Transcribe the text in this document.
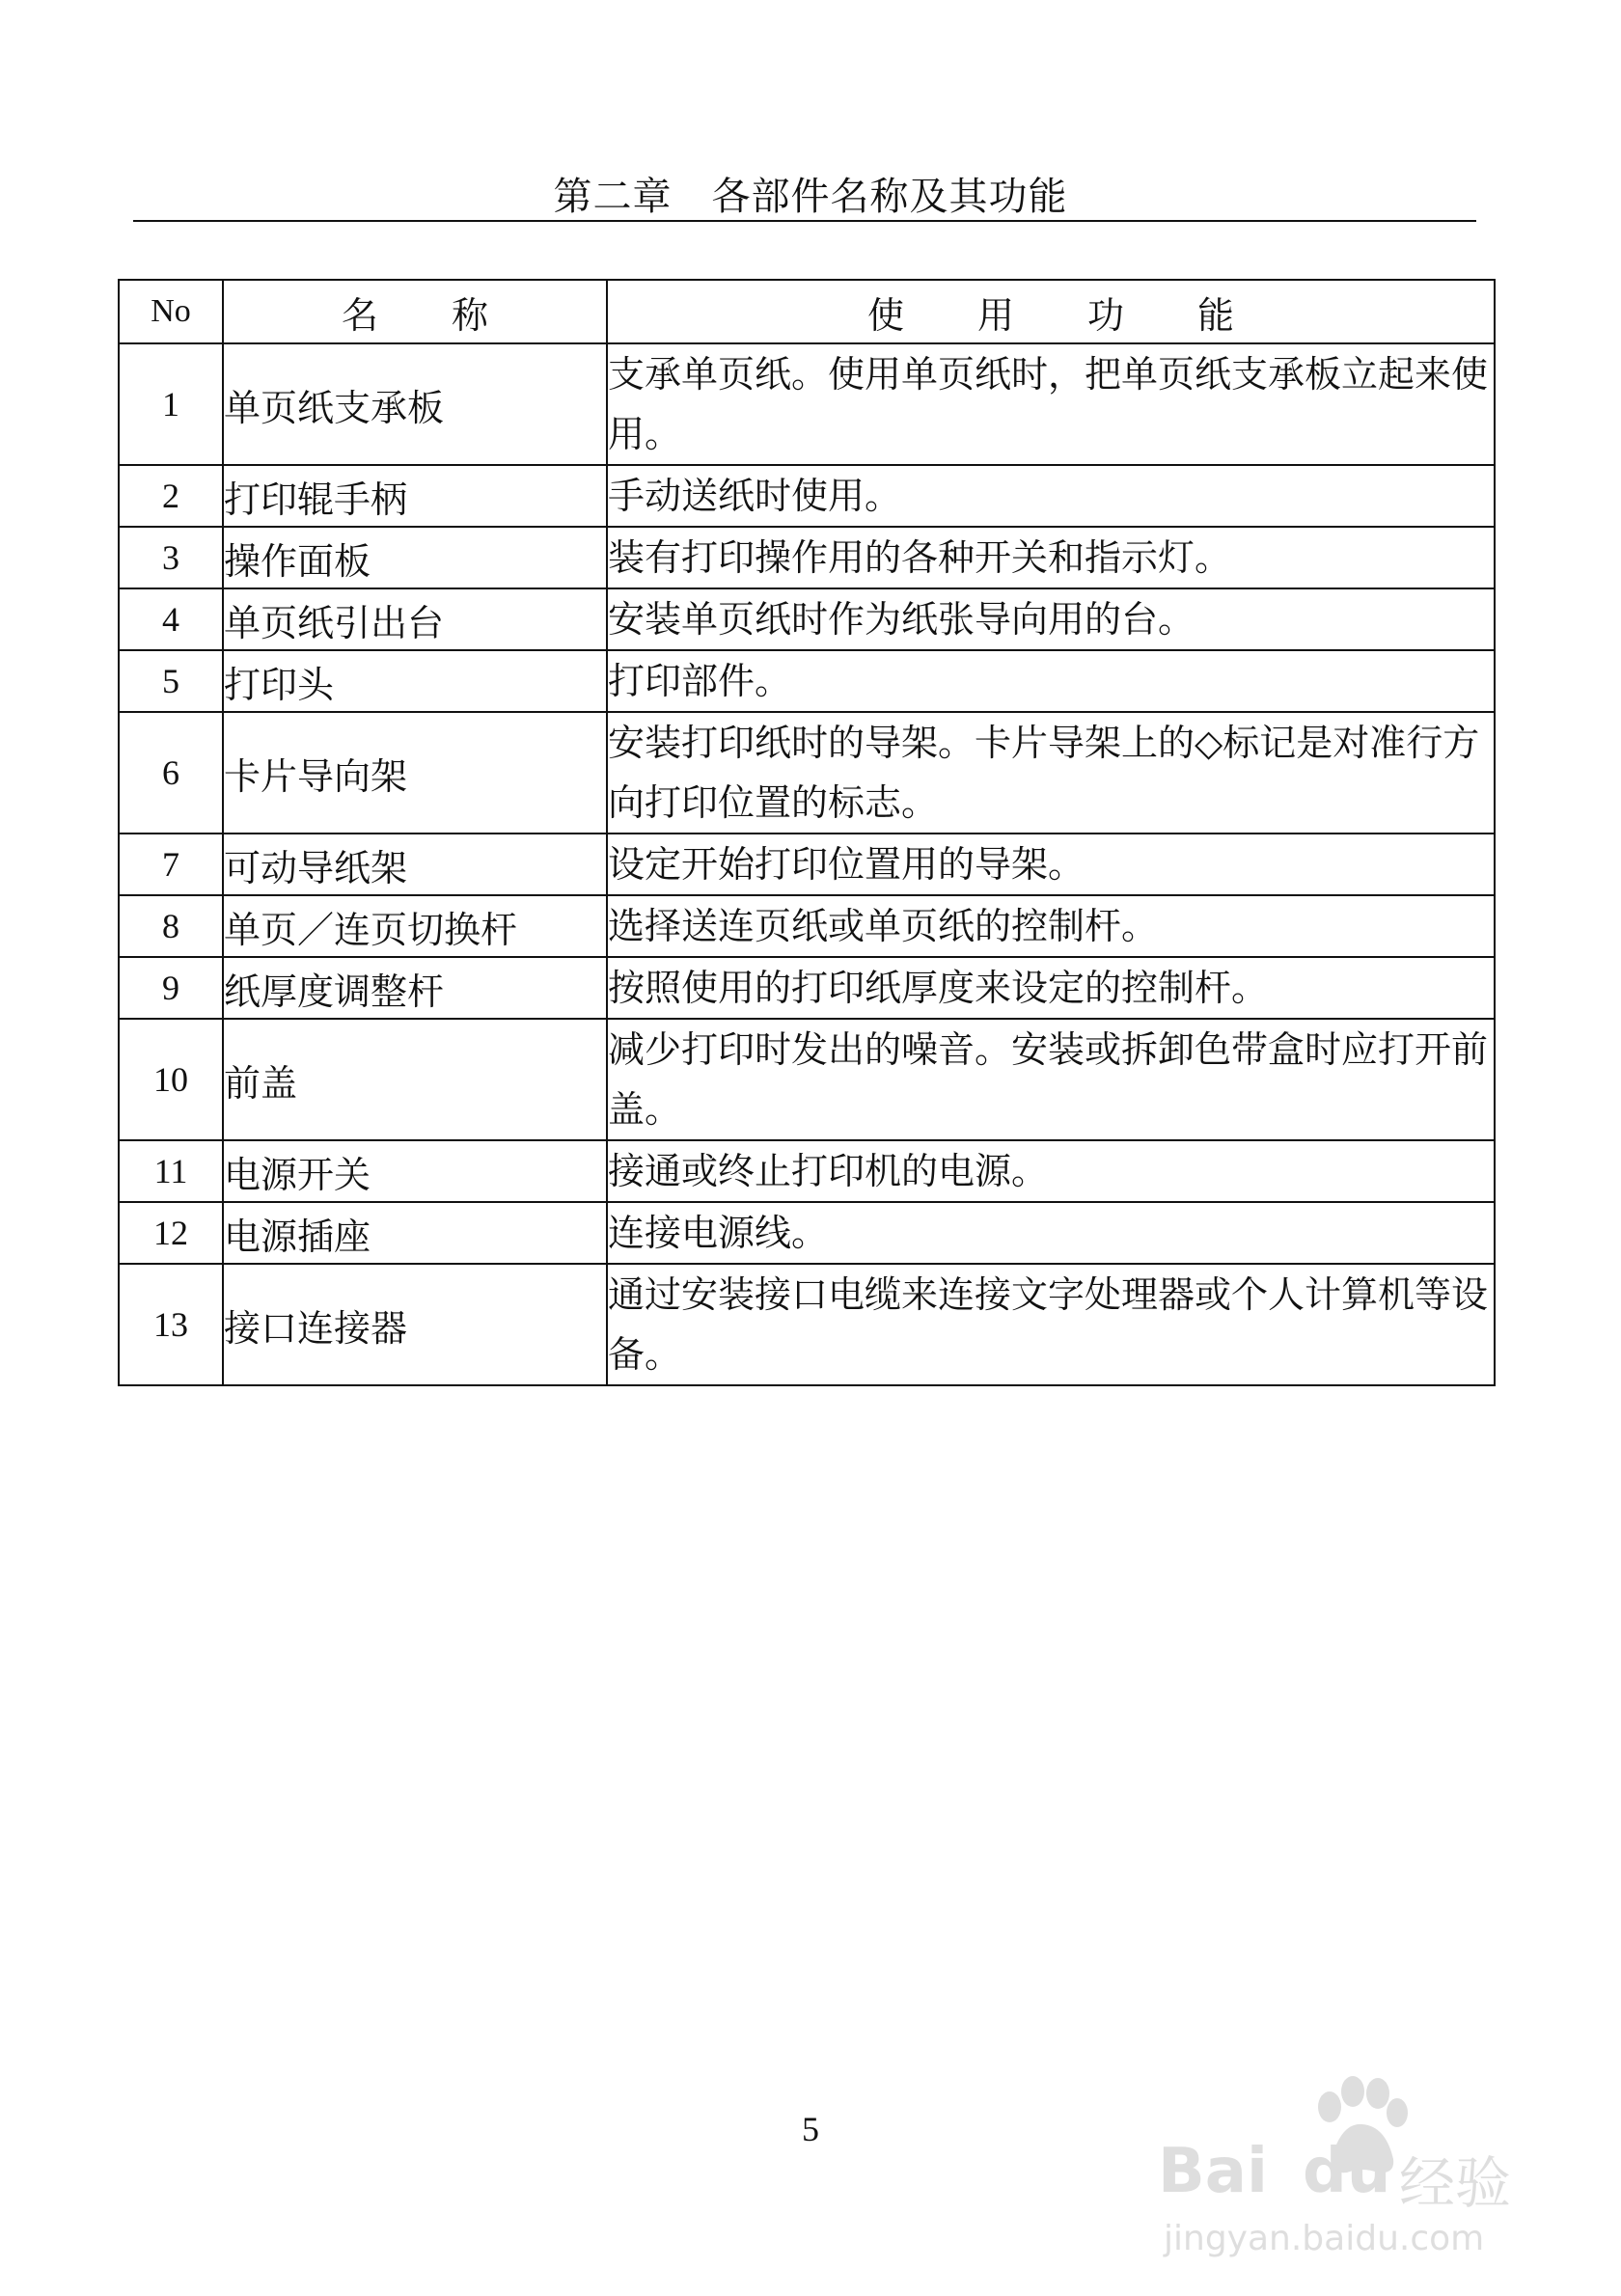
第二章　各部件名称及其功能
No	名　　称	使　　用　　功　　能
1	单页纸支承板	支承单页纸。使用单页纸时，把单页纸支承板立起来使用。
2	打印辊手柄	手动送纸时使用。
3	操作面板	装有打印操作用的各种开关和指示灯。
4	单页纸引出台	安装单页纸时作为纸张导向用的台。
5	打印头	打印部件。
6	卡片导向架	安装打印纸时的导架。卡片导架上的◇标记是对准行方向打印位置的标志。
7	可动导纸架	设定开始打印位置用的导架。
8	单页／连页切换杆	选择送连页纸或单页纸的控制杆。
9	纸厚度调整杆	按照使用的打印纸厚度来设定的控制杆。
10	前盖	减少打印时发出的噪音。安装或拆卸色带盒时应打开前盖。
11	电源开关	接通或终止打印机的电源。
12	电源插座	连接电源线。
13	接口连接器	通过安装接口电缆来连接文字处理器或个人计算机等设备。
5
Bai du 经验
jingyan.baidu.com
